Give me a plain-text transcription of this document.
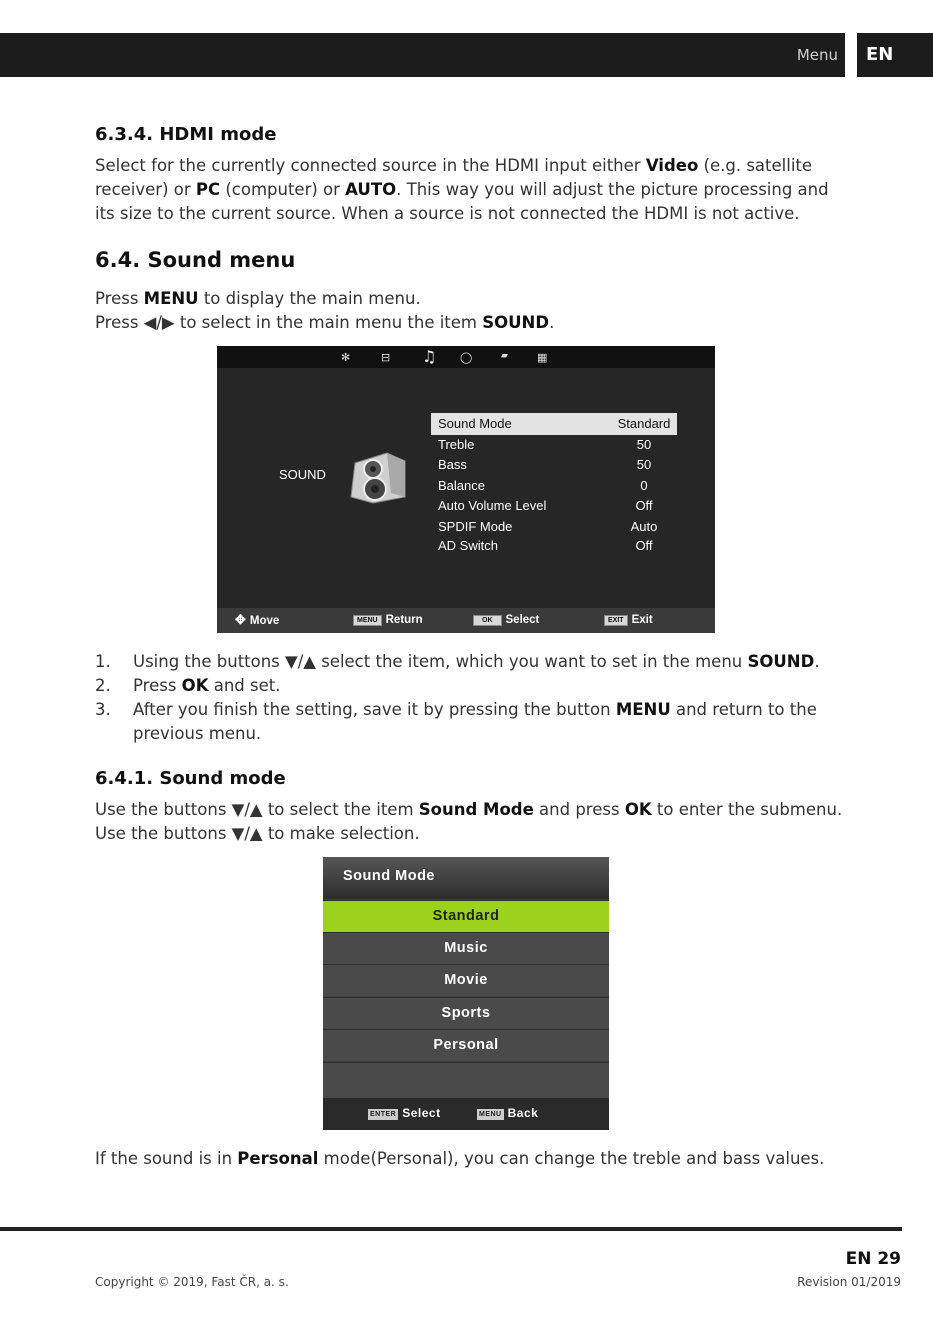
Menu	EN
6.3.4. HDMI mode
Select for the currently connected source in the HDMI input either Video (e.g. satellite
receiver) or PC (computer) or AUTO. This way you will adjust the picture processing and
its size to the current source. When a source is not connected the HDMI is not active.
6.4. Sound menu
Press MENU to display the main menu.
Press ◀/▶ to select in the main menu the item SOUND.
✻	⊟ ♫ ◯	▰	▦
SOUND
Sound Mode	Standard
Treble	50
Bass	50
Balance	0
Auto Volume Level	Off
SPDIF Mode	Auto
AD Switch	Off
✥ Move	MENU Return	OK Select	EXIT Exit
1. Using the buttons ▼/▲ select the item, which you want to set in the menu SOUND.
2. Press OK and set.
3. After you finish the setting, save it by pressing the button MENU and return to the
previous menu.
6.4.1. Sound mode
Use the buttons ▼/▲ to select the item Sound Mode and press OK to enter the submenu.
Use the buttons ▼/▲ to make selection.
Sound Mode
Standard
Music
Movie
Sports
Personal
ENTER Select	MENU Back
If the sound is in Personal mode(Personal), you can change the treble and bass values.
EN 29
Copyright © 2019, Fast ČR, a. s.	Revision 01/2019
